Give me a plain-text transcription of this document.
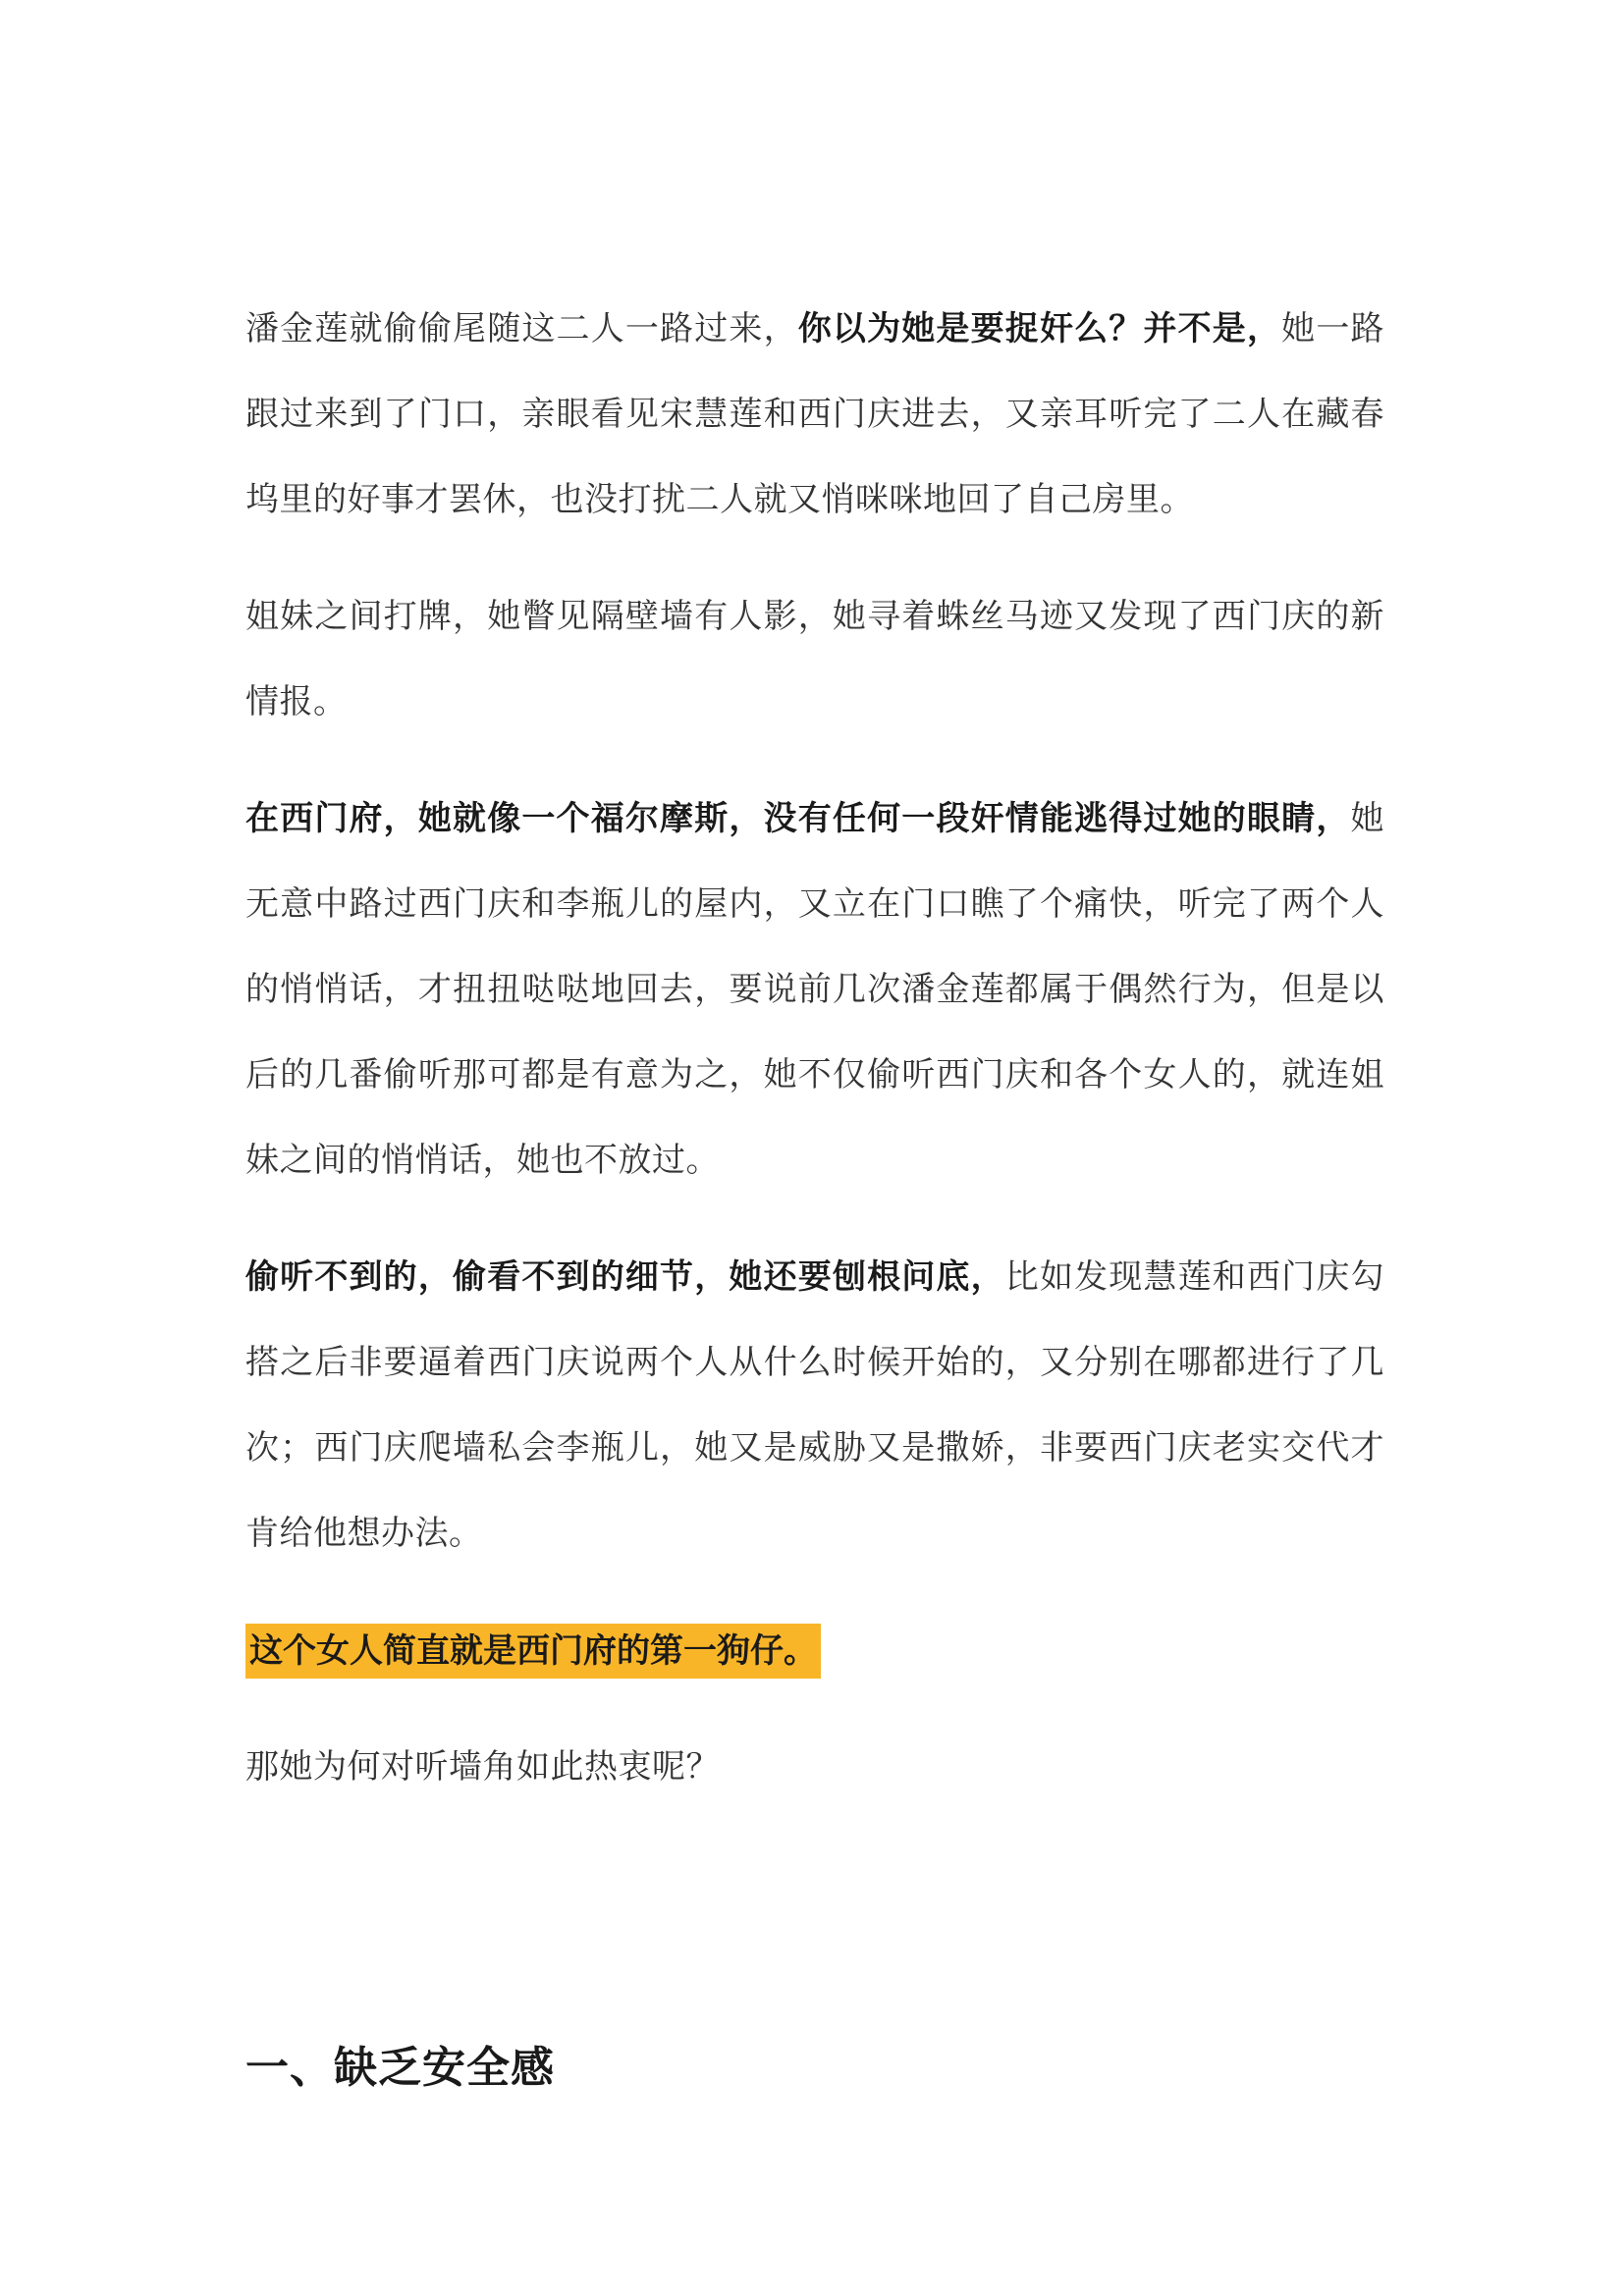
潘金莲就偷偷尾随这二人一路过来，你以为她是要捉奸么？并不是，她一路跟过来到了门口，亲眼看见宋慧莲和西门庆进去，又亲耳听完了二人在藏春坞里的好事才罢休，也没打扰二人就又悄咪咪地回了自己房里。

姐妹之间打牌，她瞥见隔壁墙有人影，她寻着蛛丝马迹又发现了西门庆的新情报。

在西门府，她就像一个福尔摩斯，没有任何一段奸情能逃得过她的眼睛，她无意中路过西门庆和李瓶儿的屋内，又立在门口瞧了个痛快，听完了两个人的悄悄话，才扭扭哒哒地回去，要说前几次潘金莲都属于偶然行为，但是以后的几番偷听那可都是有意为之，她不仅偷听西门庆和各个女人的，就连姐妹之间的悄悄话，她也不放过。

偷听不到的，偷看不到的细节，她还要刨根问底，比如发现慧莲和西门庆勾搭之后非要逼着西门庆说两个人从什么时候开始的，又分别在哪都进行了几次；西门庆爬墙私会李瓶儿，她又是威胁又是撒娇，非要西门庆老实交代才肯给他想办法。

这个女人简直就是西门府的第一狗仔。

那她为何对听墙角如此热衷呢？

一、缺乏安全感
